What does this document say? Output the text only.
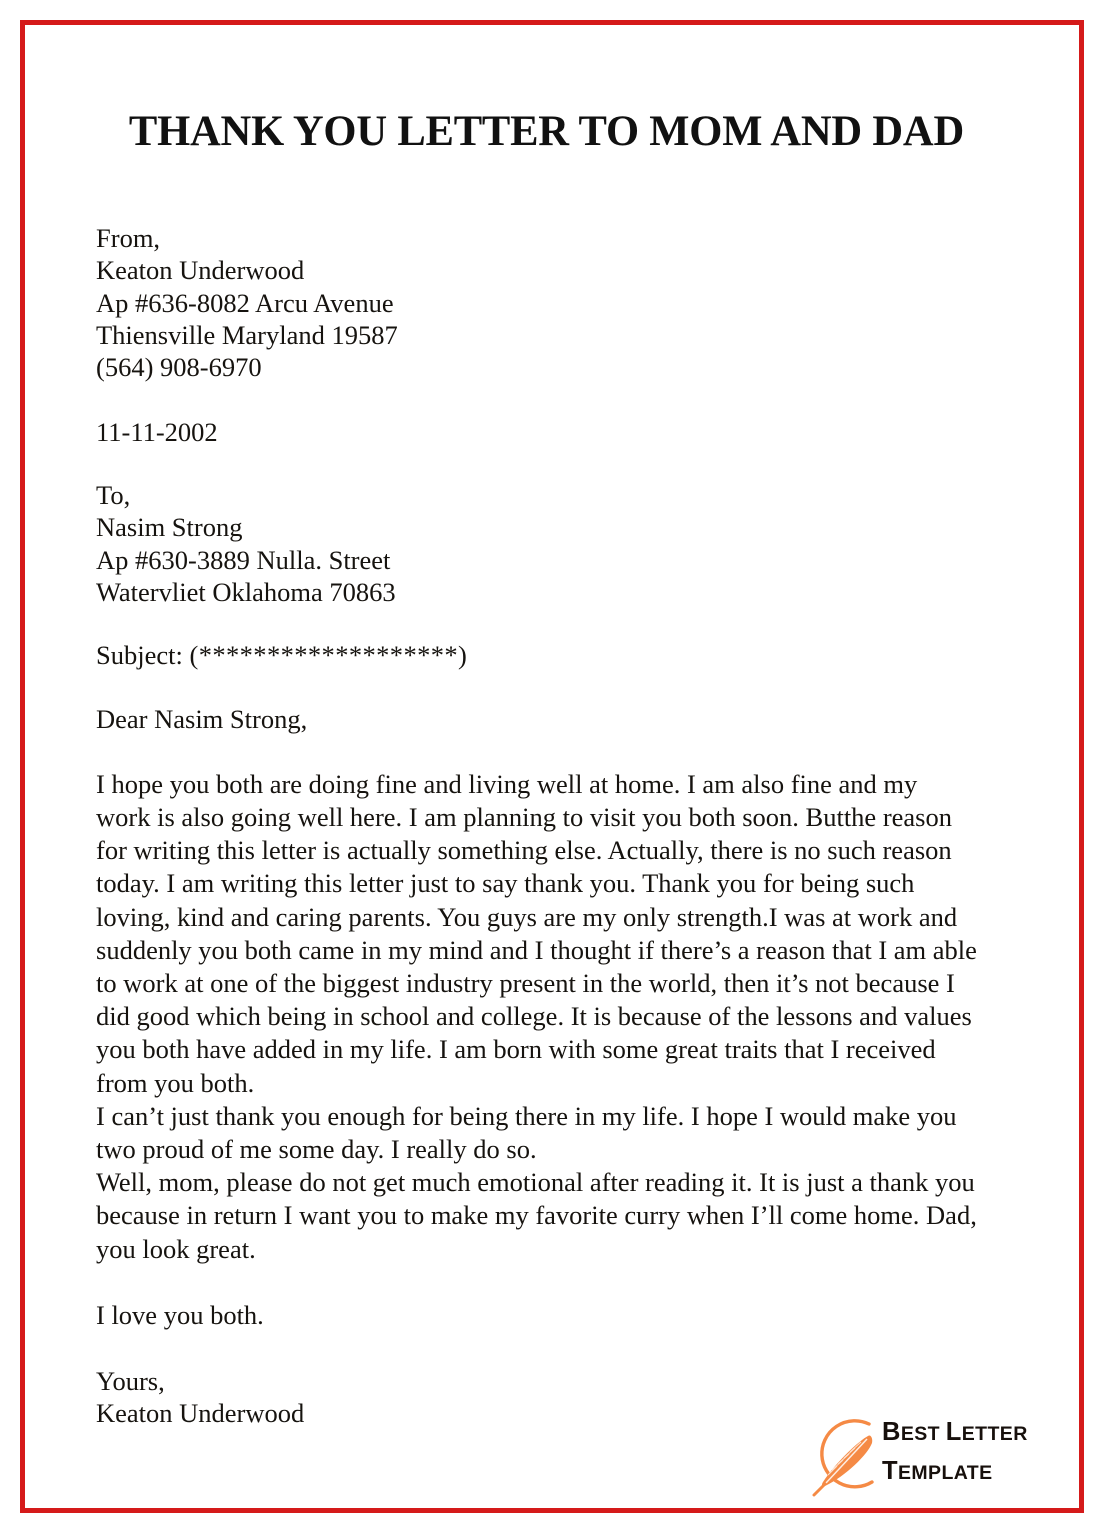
THANK YOU LETTER TO MOM AND DAD
From,
Keaton Underwood
Ap #636-8082 Arcu Avenue
Thiensville Maryland 19587
(564) 908-6970
11-11-2002
To,
Nasim Strong
Ap #630-3889 Nulla. Street
Watervliet Oklahoma 70863
Subject: (*******************)
Dear Nasim Strong,

I hope you both are doing fine and living well at home. I am also fine and my
work is also going well here. I am planning to visit you both soon. Butthe reason
for writing this letter is actually something else. Actually, there is no such reason
today. I am writing this letter just to say thank you. Thank you for being such
loving, kind and caring parents. You guys are my only strength.I was at work and
suddenly you both came in my mind and I thought if there’s a reason that I am able
to work at one of the biggest industry present in the world, then it’s not because I
did good which being in school and college. It is because of the lessons and values
you both have added in my life. I am born with some great traits that I received
from you both.

I can’t just thank you enough for being there in my life. I hope I would make you
two proud of me some day. I really do so.

Well, mom, please do not get much emotional after reading it. It is just a thank you
because in return I want you to make my favorite curry when I’ll come home. Dad,
you look great.

I love you both.

Yours,
Keaton Underwood
BEST LETTER
TEMPLATE
